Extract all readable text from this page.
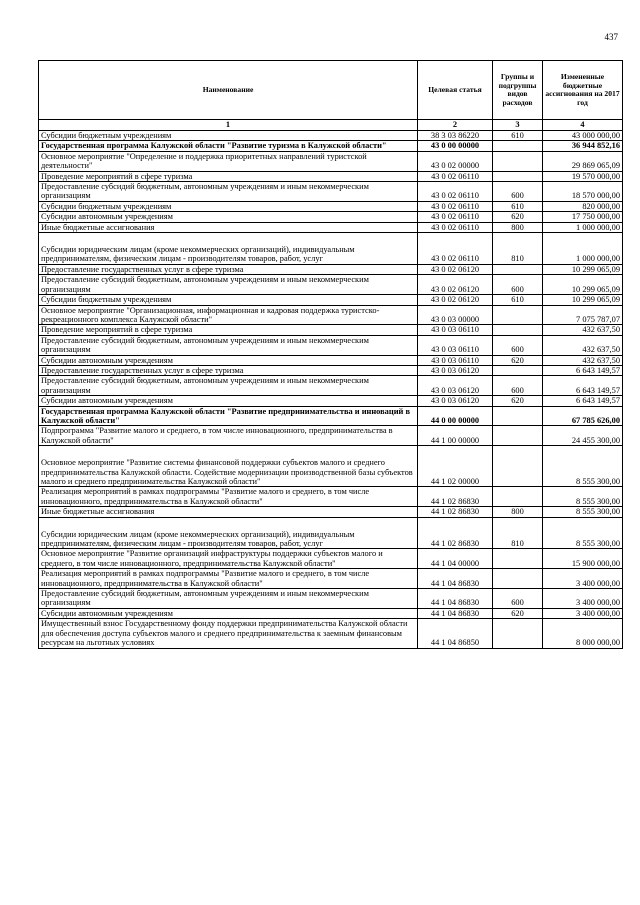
437
Наименование	Целевая статья	Группы и подгруппы видов расходов	Измененные бюджетные ассигнования на 2017 год
1	2	3	4
Субсидии бюджетным учреждениям	38 3 03 86220	610	43 000 000,00
Государственная программа Калужской области "Развитие туризма в Калужской области"	43 0 00 00000		36 944 852,16
Основное мероприятие "Определение и поддержка приоритетных направлений туристской деятельности"	43 0 02 00000		29 869 065,09
Проведение мероприятий в сфере туризма	43 0 02 06110		19 570 000,00
Предоставление субсидий бюджетным, автономным учреждениям и иным некоммерческим организациям	43 0 02 06110	600	18 570 000,00
Субсидии бюджетным учреждениям	43 0 02 06110	610	820 000,00
Субсидии автономным учреждениям	43 0 02 06110	620	17 750 000,00
Иные бюджетные ассигнования	43 0 02 06110	800	1 000 000,00
Субсидии юридическим лицам (кроме некоммерческих организаций), индивидуальным предпринимателям, физическим лицам - производителям товаров, работ, услуг	43 0 02 06110	810	1 000 000,00
Предоставление государственных услуг в сфере туризма	43 0 02 06120		10 299 065,09
Предоставление субсидий бюджетным, автономным учреждениям и иным некоммерческим организациям	43 0 02 06120	600	10 299 065,09
Субсидии бюджетным учреждениям	43 0 02 06120	610	10 299 065,09
Основное мероприятие "Организационная, информационная и кадровая поддержка туристско-рекреационного комплекса Калужской области"	43 0 03 00000		7 075 787,07
Проведение мероприятий в сфере туризма	43 0 03 06110		432 637,50
Предоставление субсидий бюджетным, автономным учреждениям и иным некоммерческим организациям	43 0 03 06110	600	432 637,50
Субсидии автономным учреждениям	43 0 03 06110	620	432 637,50
Предоставление государственных услуг в сфере туризма	43 0 03 06120		6 643 149,57
Предоставление субсидий бюджетным, автономным учреждениям и иным некоммерческим организациям	43 0 03 06120	600	6 643 149,57
Субсидии автономным учреждениям	43 0 03 06120	620	6 643 149,57
Государственная программа Калужской области "Развитие предпринимательства и инноваций в Калужской области"	44 0 00 00000		67 785 626,00
Подпрограмма "Развитие малого и среднего, в том числе инновационного, предпринимательства в Калужской области"	44 1 00 00000		24 455 300,00
Основное мероприятие "Развитие системы финансовой поддержки субъектов малого и среднего предпринимательства Калужской области. Содействие модернизации производственной базы субъектов малого и среднего предпринимательства Калужской области"	44 1 02 00000		8 555 300,00
Реализация мероприятий в рамках подпрограммы "Развитие малого и среднего, в том числе инновационного, предпринимательства в Калужской области"	44 1 02 86830		8 555 300,00
Иные бюджетные ассигнования	44 1 02 86830	800	8 555 300,00
Субсидии юридическим лицам (кроме некоммерческих организаций), индивидуальным предпринимателям, физическим лицам - производителям товаров, работ, услуг	44 1 02 86830	810	8 555 300,00
Основное мероприятие "Развитие организаций инфраструктуры поддержки субъектов малого и среднего, в том числе инновационного, предпринимательства Калужской области"	44 1 04 00000		15 900 000,00
Реализация мероприятий в рамках подпрограммы "Развитие малого и среднего, в том числе инновационного, предпринимательства в Калужской области"	44 1 04 86830		3 400 000,00
Предоставление субсидий бюджетным, автономным учреждениям и иным некоммерческим организациям	44 1 04 86830	600	3 400 000,00
Субсидии автономным учреждениям	44 1 04 86830	620	3 400 000,00
Имущественный взнос Государственному фонду поддержки предпринимательства Калужской области для обеспечения доступа субъектов малого и среднего предпринимательства к заемным финансовым ресурсам на льготных условиях	44 1 04 86850		8 000 000,00
